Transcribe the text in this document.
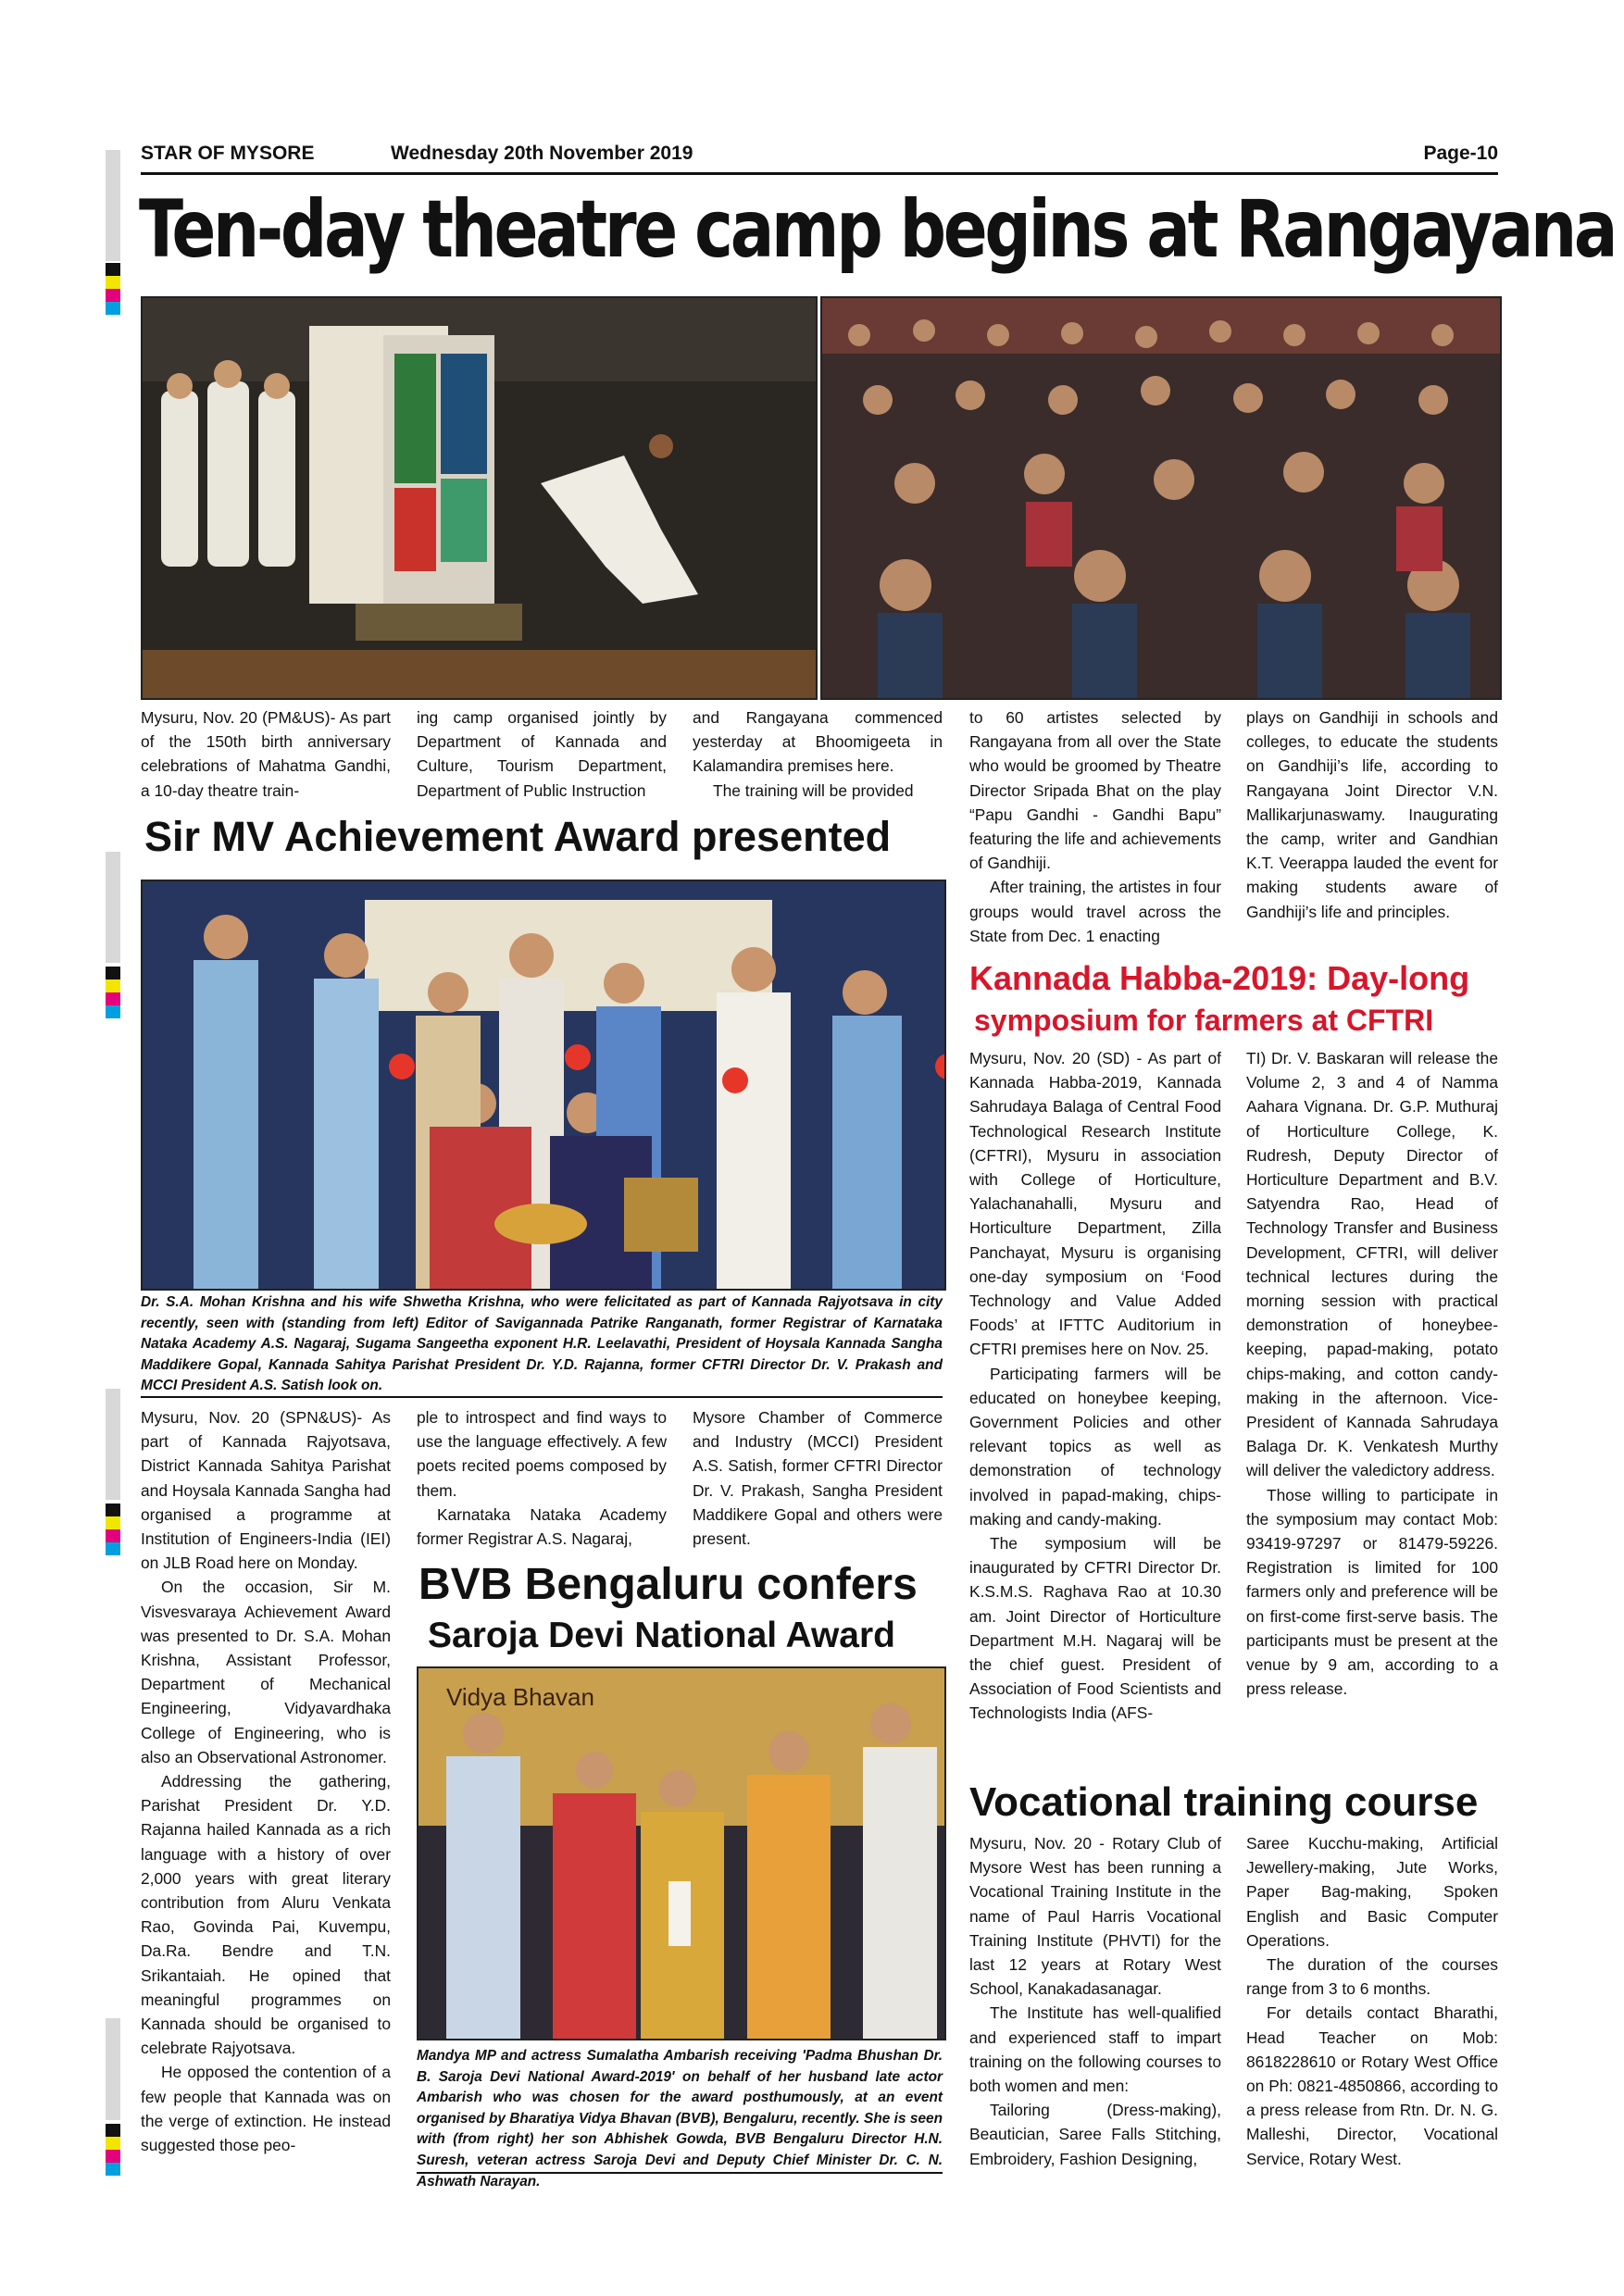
STAR OF MYSORE	Wednesday 20th November 2019	Page-10
Ten-day theatre camp begins at Rangayana

Mysuru, Nov. 20 (PM&US)- As part of the 150th birth anniversary celebrations of Mahatma Gandhi, a 10-day theatre train-

ing camp organised jointly by Department of Kannada and Culture, Tourism Department, Department of Public Instruction

and Rangayana commenced yesterday at Bhoomigeeta in Kalamandira premises here.

The training will be provided

to 60 artistes selected by Rangayana from all over the State who would be groomed by Theatre Director Sripada Bhat on the play “Papu Gandhi - Gandhi Bapu” featuring the life and achievements of Gandhiji.

After training, the artistes in four groups would travel across the State from Dec. 1 enacting

plays on Gandhiji in schools and colleges, to educate the students on Gandhiji’s life, according to Rangayana Joint Director V.N. Mallikarjunaswamy. Inaugurating the camp, writer and Gandhian K.T. Veerappa lauded the event for making students aware of Gandhiji’s life and principles.

Sir MV Achievement Award presented
Dr. S.A. Mohan Krishna and his wife Shwetha Krishna, who were felicitated as part of Kannada Rajyotsava in city recently, seen with (standing from left) Editor of Savigannada Patrike Ranganath, former Registrar of Karnataka Nataka Academy A.S. Nagaraj, Sugama Sangeetha exponent H.R. Leelavathi, President of Hoysala Kannada Sangha Maddikere Gopal, Kannada Sahitya Parishat President Dr. Y.D. Rajanna, former CFTRI Director Dr. V. Prakash and MCCI President A.S. Satish look on.

Mysuru, Nov. 20 (SPN&US)- As part of Kannada Rajyotsava, District Kannada Sahitya Parishat and Hoysala Kannada Sangha had organised a programme at Institution of Engineers-India (IEI) on JLB Road here on Monday.

On the occasion, Sir M. Visvesvaraya Achievement Award was presented to Dr. S.A. Mohan Krishna, Assistant Professor, Department of Mechanical Engineering, Vidyavardhaka College of Engineering, who is also an Observational Astronomer.

Addressing the gathering, Parishat President Dr. Y.D. Rajanna hailed Kannada as a rich language with a history of over 2,000 years with great literary contribution from Aluru Venkata Rao, Govinda Pai, Kuvempu, Da.Ra. Bendre and T.N. Srikantaiah. He opined that meaningful programmes on Kannada should be organised to celebrate Rajyotsava.

He opposed the contention of a few people that Kannada was on the verge of extinction. He instead suggested those peo-

ple to introspect and find ways to use the language effectively. A few poets recited poems composed by them.

Karnataka Nataka Academy former Registrar A.S. Nagaraj,

Mysore Chamber of Commerce and Industry (MCCI) President A.S. Satish, former CFTRI Director Dr. V. Prakash, Sangha President Maddikere Gopal and others were present.

BVB Bengaluru confers
Saroja Devi National Award
Vidya Bhavan
Mandya MP and actress Sumalatha Ambarish receiving 'Padma Bhushan Dr. B. Saroja Devi National Award-2019' on behalf of her husband late actor Ambarish who was chosen for the award posthumously, at an event organised by Bharatiya Vidya Bhavan (BVB), Bengaluru, recently. She is seen with (from right) her son Abhishek Gowda, BVB Bengaluru Director H.N. Suresh, veteran actress Saroja Devi and Deputy Chief Minister Dr. C. N. Ashwath Narayan.
Kannada Habba-2019: Day-long
symposium for farmers at CFTRI

Mysuru, Nov. 20 (SD) - As part of Kannada Habba-2019, Kannada Sahrudaya Balaga of Central Food Technological Research Institute (CFTRI), Mysuru in association with College of Horticulture, Yalachanahalli, Mysuru and Horticulture Department, Zilla Panchayat, Mysuru is organising one-day symposium on ‘Food Technology and Value Added Foods’ at IFTTC Auditorium in CFTRI premises here on Nov. 25.

Participating farmers will be educated on honeybee keeping, Government Policies and other relevant topics as well as demonstration of technology involved in papad-making, chips- making and candy-making.

The symposium will be inaugurated by CFTRI Director Dr. K.S.M.S. Raghava Rao at 10.30 am. Joint Director of Horticulture Department M.H. Nagaraj will be the chief guest. President of Association of Food Scientists and Technologists India (AFS-

TI) Dr. V. Baskaran will release the Volume 2, 3 and 4 of Namma Aahara Vignana. Dr. G.P. Muthuraj of Horticulture College, K. Rudresh, Deputy Director of Horticulture Department and B.V. Satyendra Rao, Head of Technology Transfer and Business Development, CFTRI, will deliver technical lectures during the morning session with practical demonstration of honeybee-keeping, papad-making, potato chips-making, and cotton candy-making in the afternoon. Vice-President of Kannada Sahrudaya Balaga Dr. K. Venkatesh Murthy will deliver the valedictory address.

Those willing to participate in the symposium may contact Mob: 93419-97297 or 81479-59226. Registration is limited for 100 farmers only and preference will be on first-come first-serve basis. The participants must be present at the venue by 9 am, according to a press release.

Vocational training course

Mysuru, Nov. 20 - Rotary Club of Mysore West has been running a Vocational Training Institute in the name of Paul Harris Vocational Training Institute (PHVTI) for the last 12 years at Rotary West School, Kanakadasanagar.

The Institute has well-qualified and experienced staff to impart training on the following courses to both women and men:

Tailoring (Dress-making), Beautician, Saree Falls Stitching, Embroidery, Fashion Designing,

Saree Kucchu-making, Artificial Jewellery-making, Jute Works, Paper Bag-making, Spoken English and Basic Computer Operations.

The duration of the courses range from 3 to 6 months.

For details contact Bharathi, Head Teacher on Mob: 8618228610 or Rotary West Office on Ph: 0821-4850866, according to a press release from Rtn. Dr. N. G. Malleshi, Director, Vocational Service, Rotary West.
